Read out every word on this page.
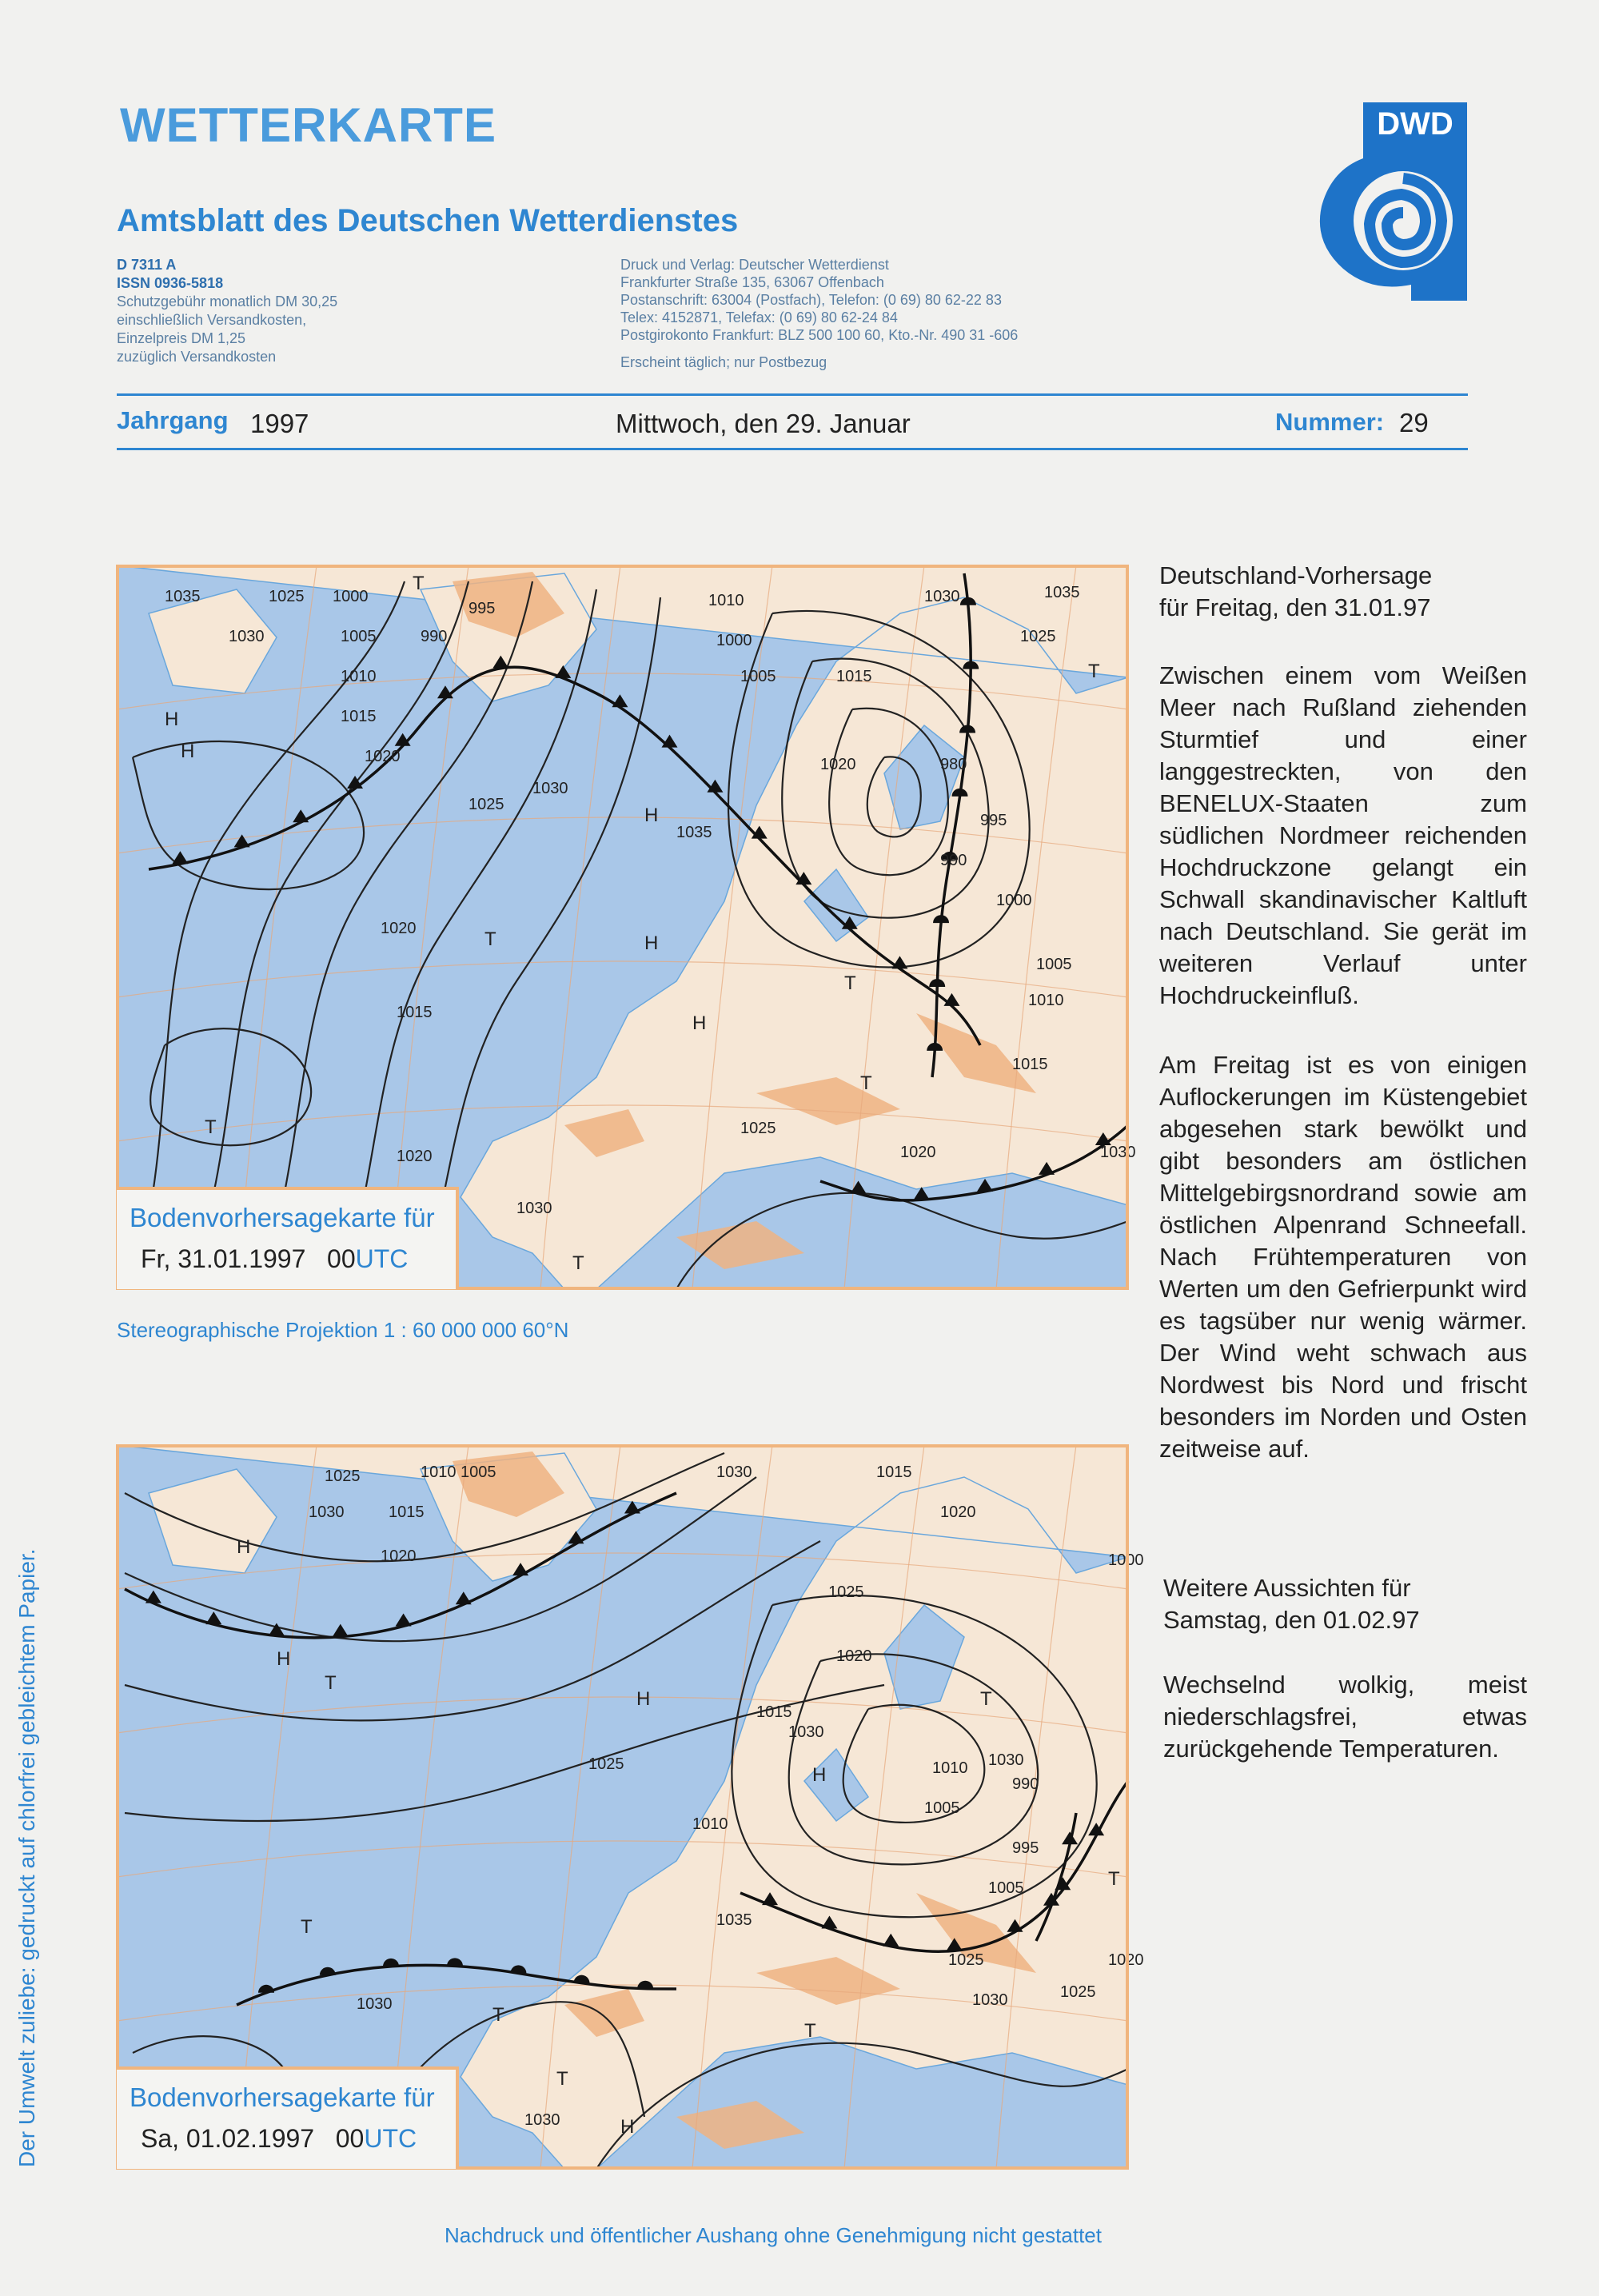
WETTERKARTE
Amtsblatt des Deutschen Wetterdienstes
D 7311 A
ISSN 0936-5818
Schutzgebühr monatlich DM 30,25
einschließlich Versandkosten,
Einzelpreis DM 1,25
zuzüglich Versandkosten
Druck und Verlag: Deutscher Wetterdienst
Frankfurter Straße 135, 63067 Offenbach
Postanschrift: 63004 (Postfach), Telefon: (0 69) 80 62-22 83
Telex: 4152871, Telefax: (0 69) 80 62-24 84
Postgirokonto Frankfurt: BLZ 500 100 60, Kto.-Nr. 490 31 -606
Erscheint täglich; nur Postbezug
DWD
Jahrgang 1997	Mittwoch, den 29. Januar	Nummer: 29
1035	1025 1000
995
1030	1005	990
1010
1015
1020
1025
1030
1035
1020
1015
1020
1025
1030
1010
1000
1005	1015
1020	980
995
990
1000
1005
1010
1015
1020
1025
1030
1035
1030
H
H
T
T
H
H
T
H
T
T
T
T
Bodenvorhersagekarte für
Fr, 31.01.1997 00UTC
Stereographische Projektion 1 : 60 000 000 60°N
1025	1010 1005
1030	1015
1020
1030	1015
1020
1025
1020
1015
1030
1010
1005
1000
1025	1030
990
995
1005
1010
1035
1030
1025
1025
1020
1030
1030
H
H
T
T
H
H
T
T
T
H
T
T
Bodenvorhersagekarte für
Sa, 01.02.1997 00UTC
Deutschland-Vorhersage
für Freitag, den 31.01.97

Zwischen einem vom Weißen Meer nach Rußland ziehenden Sturmtief und einer langgestreckten, von den BENELUX-Staaten zum südlichen Nordmeer reichenden Hochdruckzone gelangt ein Schwall skandinavischer Kaltluft nach Deutschland. Sie gerät im weiteren Verlauf unter Hochdruckeinfluß.

Am Freitag ist es von einigen Auflockerungen im Küstengebiet abgesehen stark bewölkt und gibt besonders am östlichen Mittelgebirgsnordrand sowie am östlichen Alpenrand Schneefall. Nach Frühtemperaturen von Werten um den Gefrierpunkt wird es tagsüber nur wenig wärmer. Der Wind weht schwach aus Nordwest bis Nord und frischt besonders im Norden und Osten zeitweise auf.

Weitere Aussichten für
Samstag, den 01.02.97

Wechselnd wolkig, meist niederschlagsfrei, etwas zurückgehende Temperaturen.

Der Umwelt zuliebe: gedruckt auf chlorfrei gebleichtem Papier.
Nachdruck und öffentlicher Aushang ohne Genehmigung nicht gestattet
